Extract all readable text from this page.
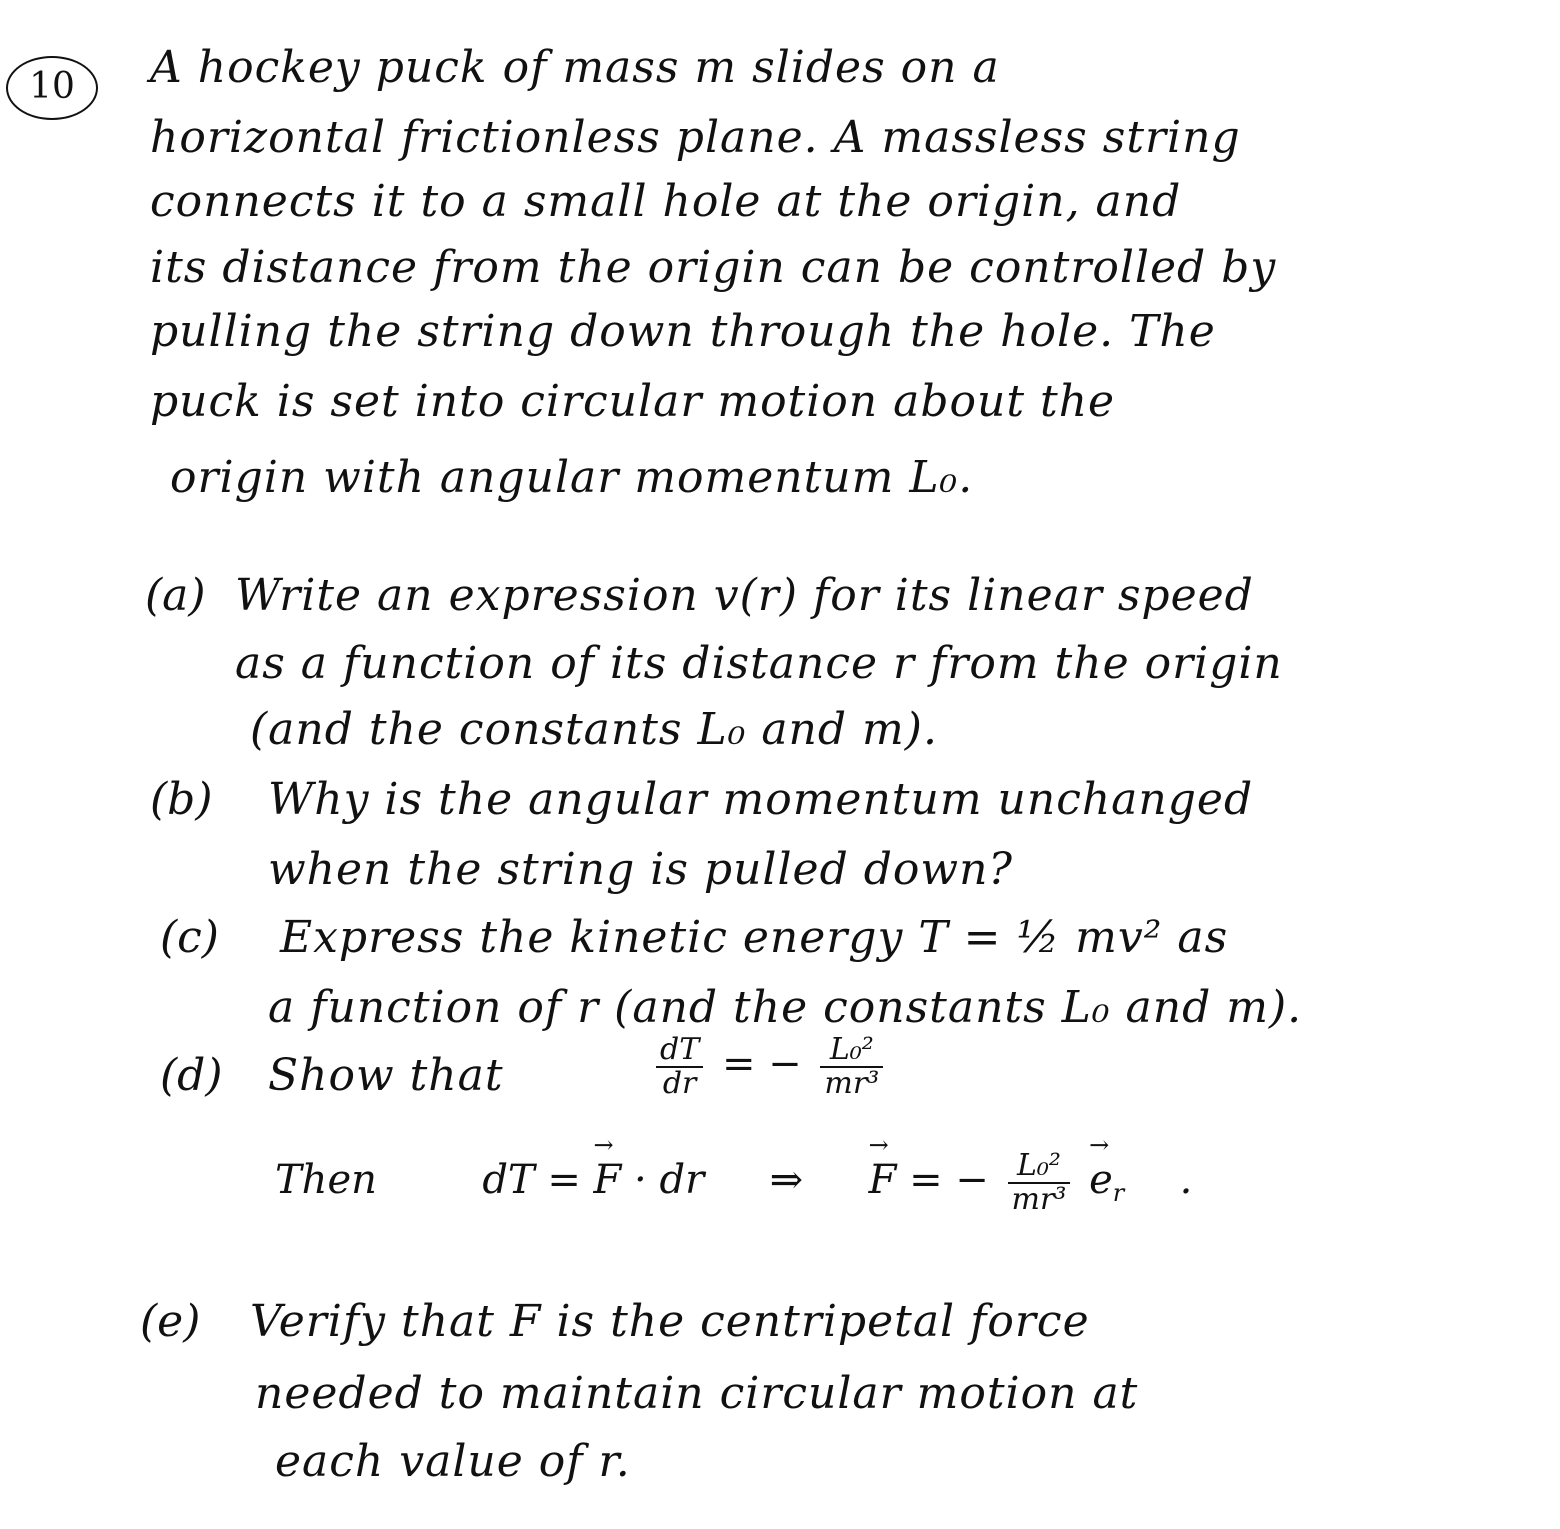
10	A hockey puck of mass m slides on a
horizontal frictionless plane. A massless string
connects it to a small hole at the origin, and
its distance from the origin can be controlled by
pulling the string down through the hole. The
puck is set into circular motion about the
origin with angular momentum L₀.
(a) Write an expression v(r) for its linear speed
as a function of its distance r from the origin
(and the constants L₀ and m).
(b) Why is the angular momentum unchanged
when the string is pulled down?
(c) Express the kinetic energy T = ½ mv² as
a function of r (and the constants L₀ and m).
(d) Show that	$\frac{dT}{dr}$ = − $\frac{\text{L₀²}}{\text{mr³}}$
Then	dT = → F · dr ⇒  → F = − $\frac{\text{L₀²}}{\text{mr³}}$
→ $e_r$ .
(e) Verify that F is the centripetal force
needed to maintain circular motion at
each value of r.
